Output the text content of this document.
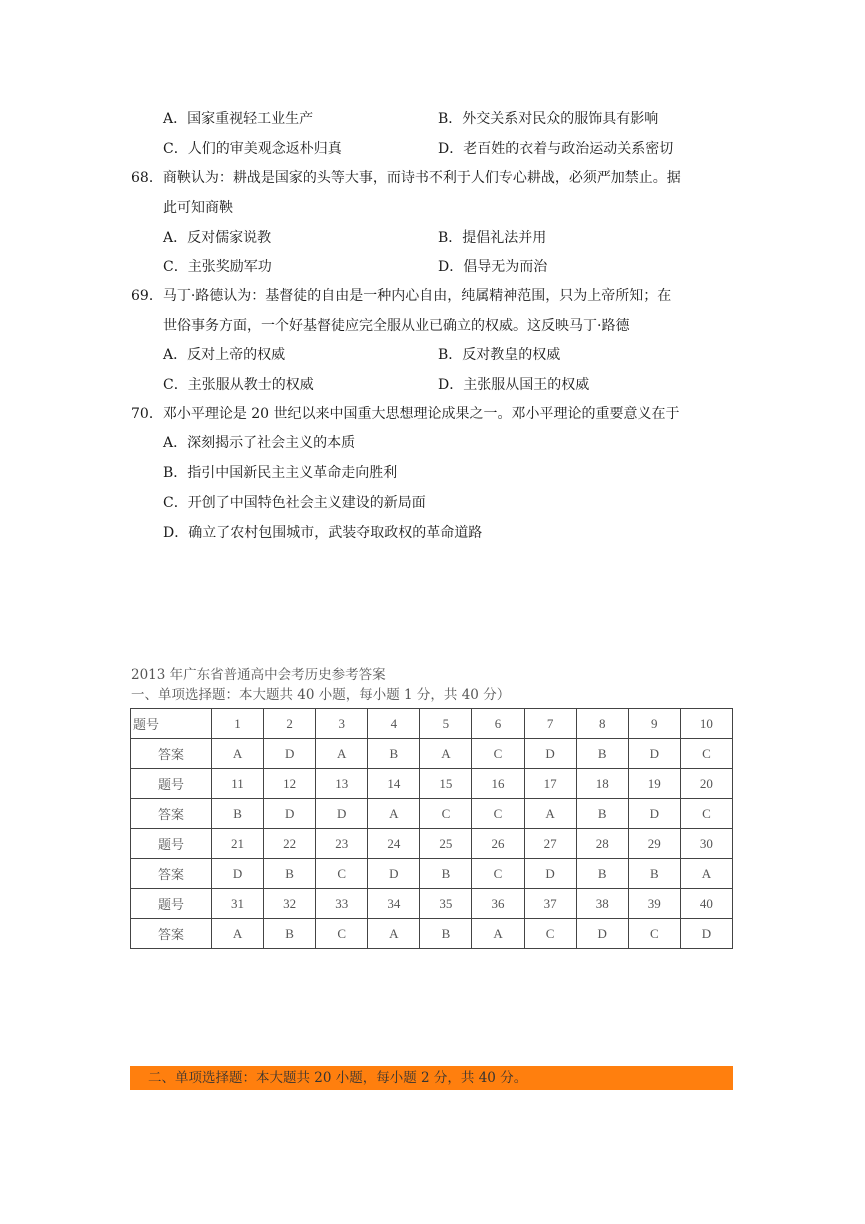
A．国家重视轻工业生产	B．外交关系对民众的服饰具有影响
C．人们的审美观念返朴归真	D．老百姓的衣着与政治运动关系密切
68．商鞅认为：耕战是国家的头等大事，而诗书不利于人们专心耕战，必须严加禁止。据
此可知商鞅
A．反对儒家说教	B．提倡礼法并用
C．主张奖励军功	D．倡导无为而治
69．马丁·路德认为：基督徒的自由是一种内心自由，纯属精神范围，只为上帝所知；在
世俗事务方面，一个好基督徒应完全服从业已确立的权威。这反映马丁·路德
A．反对上帝的权威	B．反对教皇的权威
C．主张服从教士的权威	D．主张服从国王的权威
70．邓小平理论是 20 世纪以来中国重大思想理论成果之一。邓小平理论的重要意义在于
A．深刻揭示了社会主义的本质
B．指引中国新民主主义革命走向胜利
C．开创了中国特色社会主义建设的新局面
D．确立了农村包围城市，武装夺取政权的革命道路
2013 年广东省普通高中会考历史参考答案
一、单项选择题：本大题共 40 小题，每小题 1 分，共 40 分）
题号	1	2	3	4	5	6	7	8	9	10
答案	A	D	A	B	A	C	D	B	D	C
题号	11	12	13	14	15	16	17	18	19	20
答案	B	D	D	A	C	C	A	B	D	C
题号	21	22	23	24	25	26	27	28	29	30
答案	D	B	C	D	B	C	D	B	B	A
题号	31	32	33	34	35	36	37	38	39	40
答案	A	B	C	A	B	A	C	D	C	D
二、单项选择题：本大题共 20 小题，每小题 2 分，共 40 分。
